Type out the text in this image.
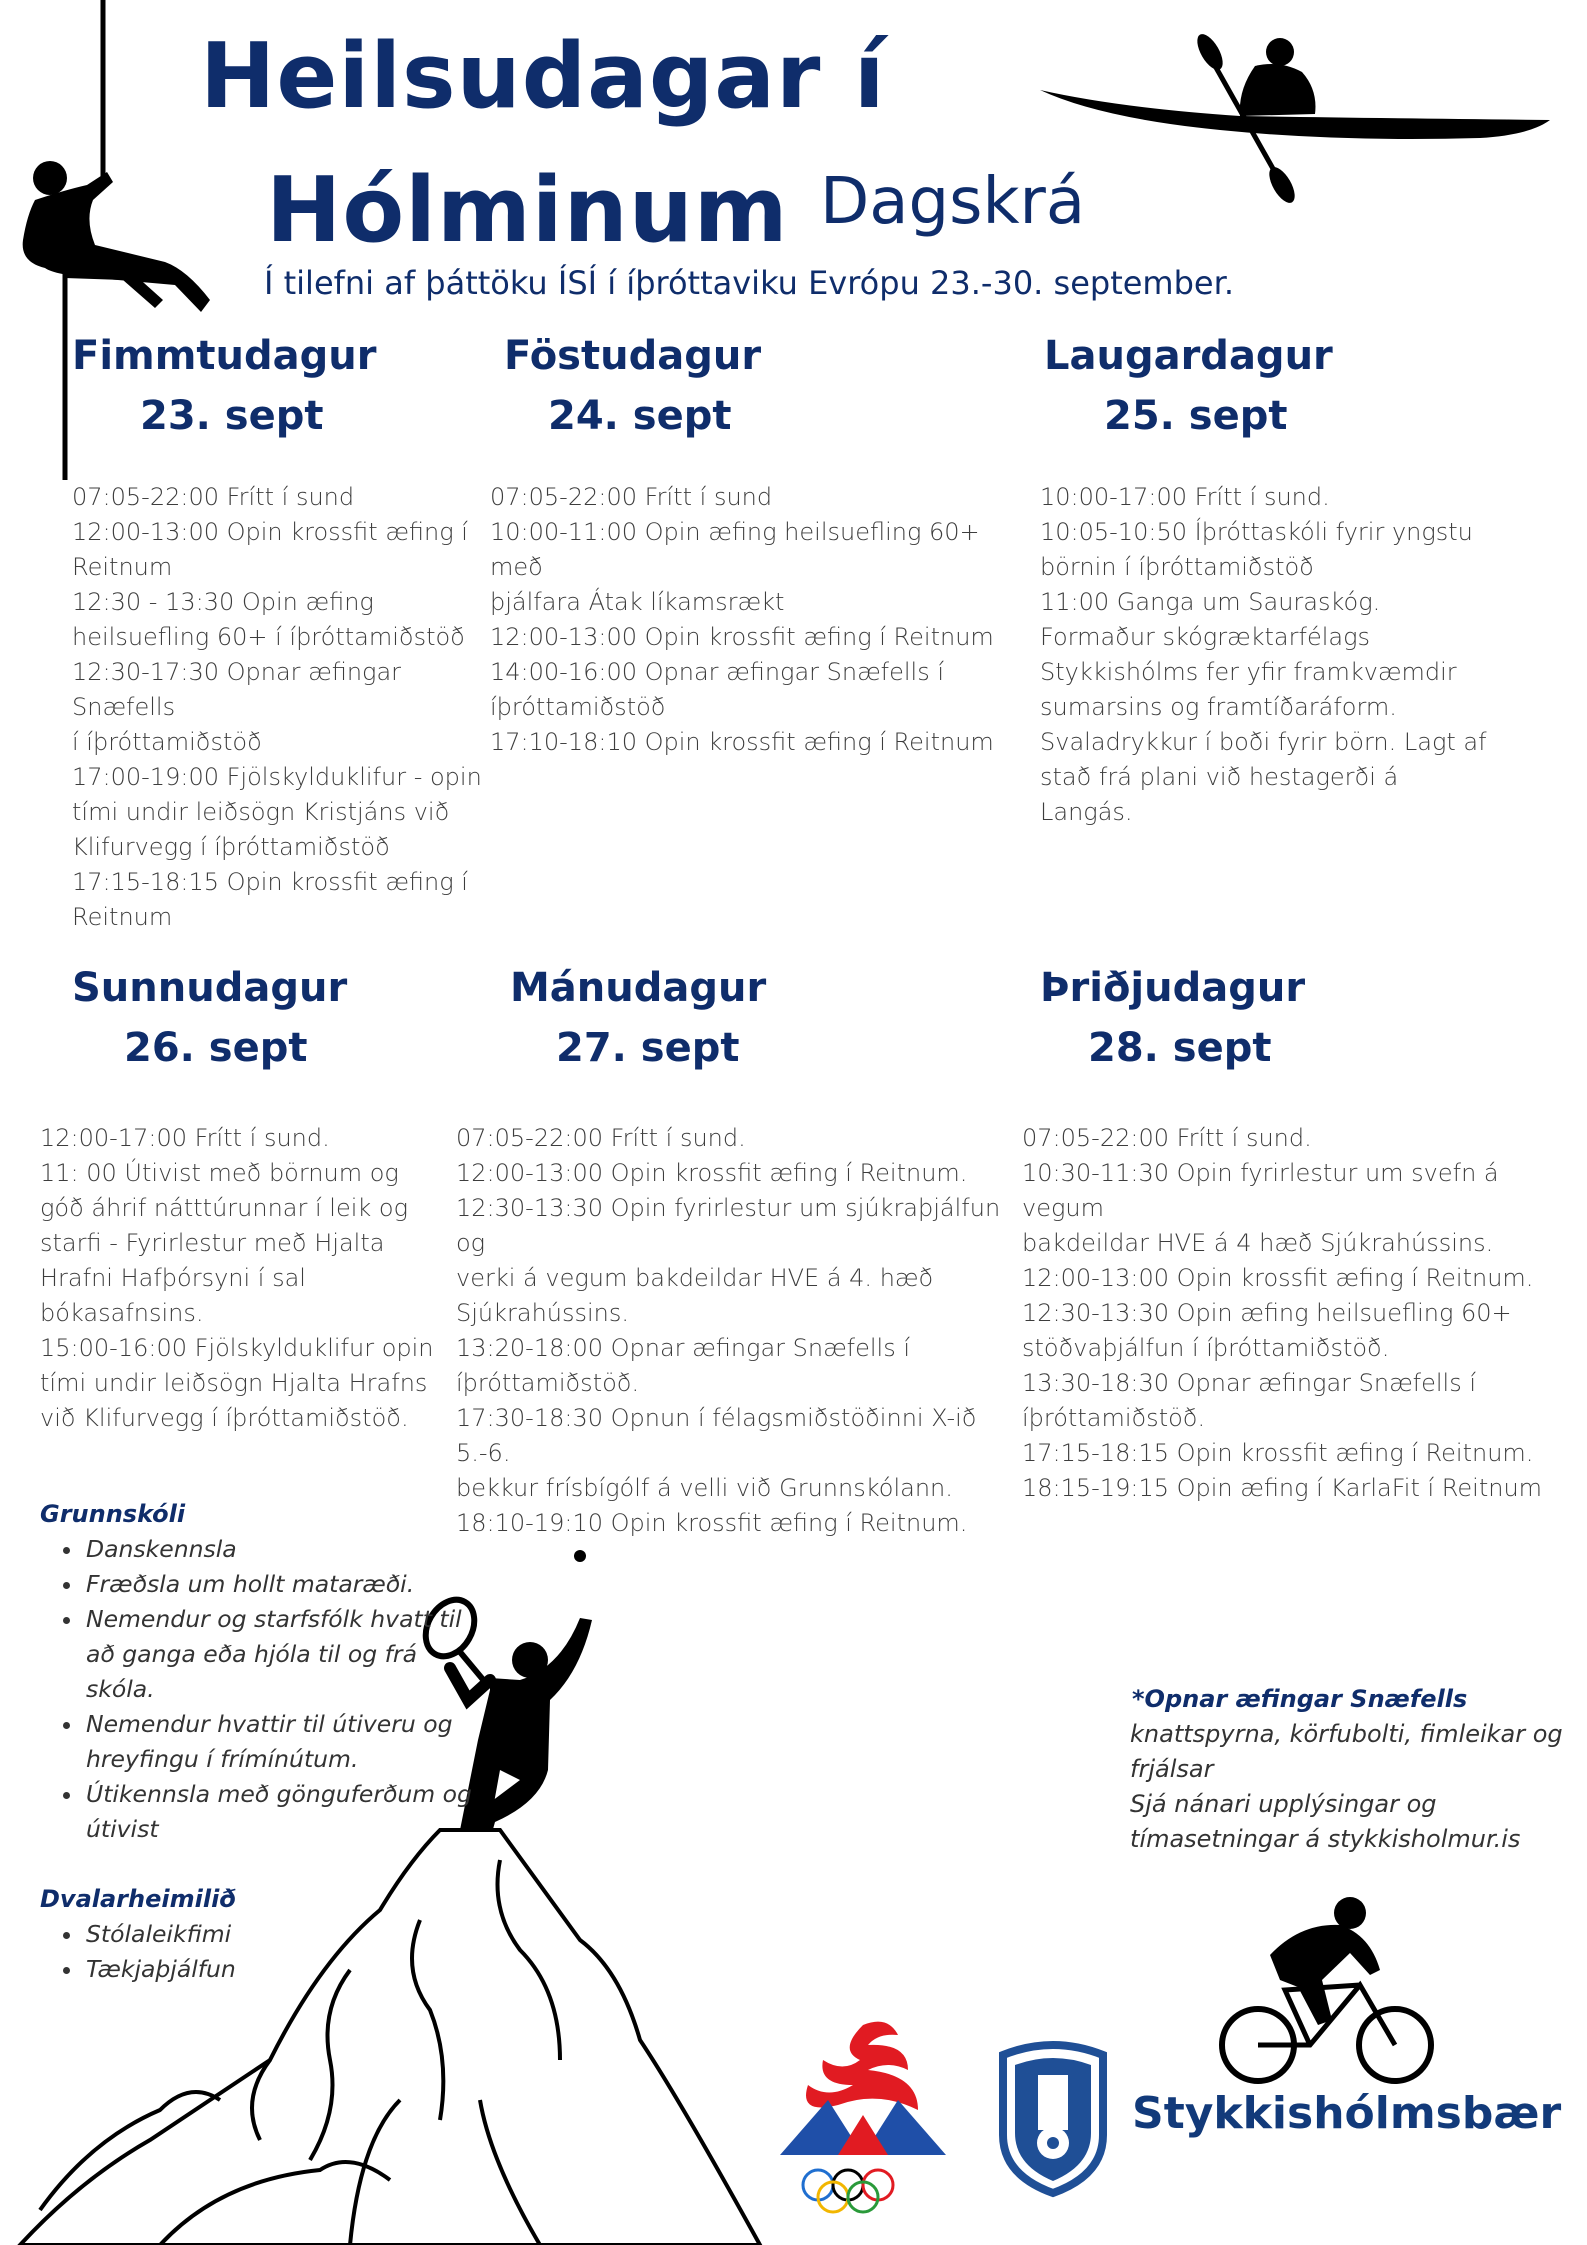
Heilsudagar í
Hólminum Dagskrá
Í tilefni af þáttöku ÍSÍ í íþróttaviku Evrópu 23.-30. september.
Fimmtudagur
23. sept
07:05-22:00 Frítt í sund
12:00-13:00 Opin krossfit æfing í
Reitnum
12:30 - 13:30 Opin æfing
heilsuefling 60+ í íþróttamiðstöð
12:30-17:30 Opnar æfingar Snæfells
í íþróttamiðstöð
17:00-19:00 Fjölskylduklifur - opin
tími undir leiðsögn Kristjáns við
Klifurvegg í íþróttamiðstöð
17:15-18:15 Opin krossfit æfing í
Reitnum
Föstudagur
24. sept
07:05-22:00 Frítt í sund
10:00-11:00 Opin æfing heilsuefling 60+ með
þjálfara Átak líkamsrækt
12:00-13:00 Opin krossfit æfing í Reitnum
14:00-16:00 Opnar æfingar Snæfells í
íþróttamiðstöð
17:10-18:10 Opin krossfit æfing í Reitnum
Laugardagur
25. sept
10:00-17:00 Frítt í sund.
10:05-10:50 Íþróttaskóli fyrir yngstu
börnin í íþróttamiðstöð
11:00 Ganga um Sauraskóg.
Formaður skógræktarfélags
Stykkishólms fer yfir framkvæmdir
sumarsins og framtíðaráform.
Svaladrykkur í boði fyrir börn. Lagt af
stað frá plani við hestagerði á
Langás.
Sunnudagur
26. sept
12:00-17:00 Frítt í sund.
11: 00 Útivist með börnum og
góð áhrif nátttúrunnar í leik og
starfi - Fyrirlestur með Hjalta
Hrafni Hafþórsyni í sal
bókasafnsins.
15:00-16:00 Fjölskylduklifur opin
tími undir leiðsögn Hjalta Hrafns
við Klifurvegg í íþróttamiðstöð.
Mánudagur
27. sept
07:05-22:00 Frítt í sund.
12:00-13:00 Opin krossfit æfing í Reitnum.
12:30-13:30 Opin fyrirlestur um sjúkraþjálfun og
verki á vegum bakdeildar HVE á 4. hæð
Sjúkrahússins.
13:20-18:00 Opnar æfingar Snæfells í
íþróttamiðstöð.
17:30-18:30 Opnun í félagsmiðstöðinni X-ið 5.-6.
bekkur frísbígólf á velli við Grunnskólann.
18:10-19:10 Opin krossfit æfing í Reitnum.
Þriðjudagur
28. sept
07:05-22:00 Frítt í sund.
10:30-11:30 Opin fyrirlestur um svefn á vegum
bakdeildar HVE á 4 hæð Sjúkrahússins.
12:00-13:00 Opin krossfit æfing í Reitnum.
12:30-13:30 Opin æfing heilsuefling 60+
stöðvaþjálfun í íþróttamiðstöð.
13:30-18:30 Opnar æfingar Snæfells í
íþróttamiðstöð.
17:15-18:15 Opin krossfit æfing í Reitnum.
18:15-19:15 Opin æfing í KarlaFit í Reitnum
Grunnskóli
• Danskennsla
• Fræðsla um hollt mataræði.
• Nemendur og starfsfólk hvatt til að ganga eða hjóla til og frá skóla.
• Nemendur hvattir til útiveru og hreyfingu í frímínútum.
• Útikennsla með gönguferðum og útivist
Dvalarheimilið
• Stólaleikfimi
• Tækjaþjálfun
*Opnar æfingar Snæfells
knattspyrna, körfubolti, fimleikar og
frjálsar
Sjá nánari upplýsingar og
tímasetningar á stykkisholmur.is
Stykkishólmsbær
